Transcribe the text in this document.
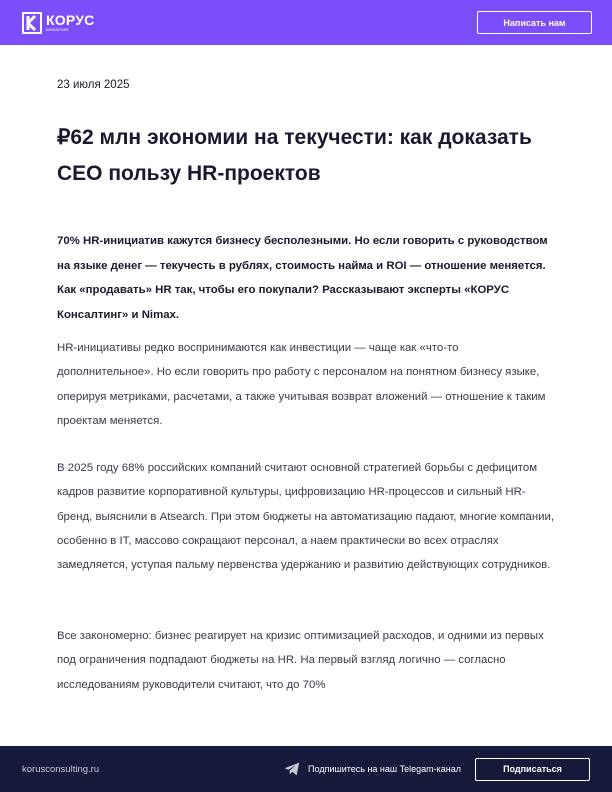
КОРУС
консалтинг
Написать нам
23 июля 2025
₽62 млн экономии на текучести: как доказать CEO пользу HR-проектов

70% HR-инициатив кажутся бизнесу бесполезными. Но если говорить с руководством на языке денег — текучесть в рублях, стоимость найма и ROI — отношение меняется. Как «продавать» HR так, чтобы его покупали? Рассказывают эксперты «КОРУС Консалтинг» и Nimax.

HR-инициативы редко воспринимаются как инвестиции — чаще как «что-то дополнительное». Но если говорить про работу с персоналом на понятном бизнесу языке, оперируя метриками, расчетами, а также учитывая возврат вложений — отношение к таким проектам меняется.

В 2025 году 68% российских компаний считают основной стратегией борьбы с дефицитом кадров развитие корпоративной культуры, цифровизацию HR-процессов и сильный HR-бренд, выяснили в Atsearch. При этом бюджеты на автоматизацию падают, многие компании, особенно в IT, массово сокращают персонал, а наем практически во всех отраслях замедляется, уступая пальму первенства удержанию и развитию действующих сотрудников.

Все закономерно: бизнес реагирует на кризис оптимизацией расходов, и одними из первых под ограничения подпадают бюджеты на HR. На первый взгляд логично — согласно исследованиям руководители считают, что до 70%

korusconsulting.ru	Подпишитесь на наш Telegam-канал	Подписаться
